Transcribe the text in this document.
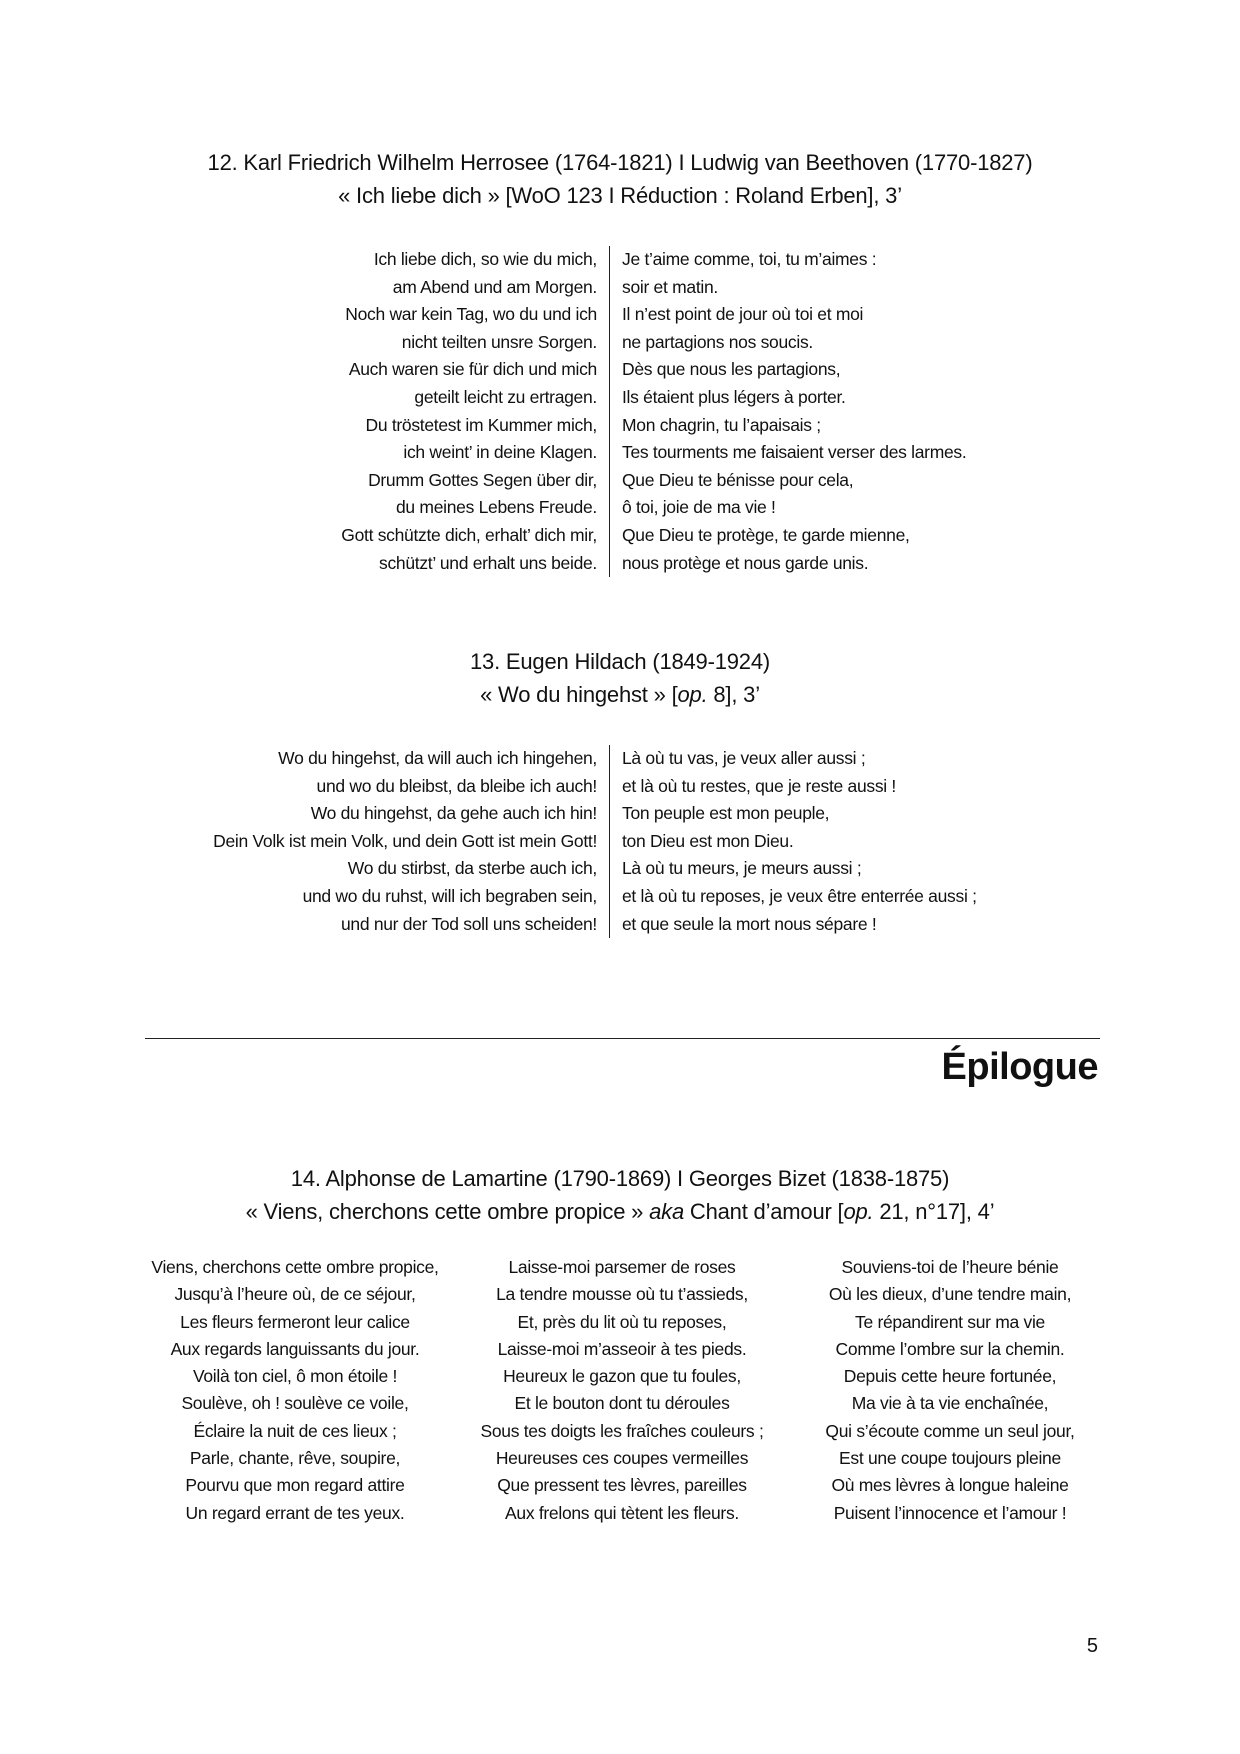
12. Karl Friedrich Wilhelm Herrosee (1764-1821) I Ludwig van Beethoven (1770-1827)
« Ich liebe dich » [WoO 123 I Réduction : Roland Erben], 3’
Ich liebe dich, so wie du mich,
am Abend und am Morgen.
Noch war kein Tag, wo du und ich
nicht teilten unsre Sorgen.
Auch waren sie für dich und mich
geteilt leicht zu ertragen.
Du tröstetest im Kummer mich,
ich weint’ in deine Klagen.
Drumm Gottes Segen über dir,
du meines Lebens Freude.
Gott schützte dich, erhalt’ dich mir,
schützt’ und erhalt uns beide.
Je t’aime comme, toi, tu m’aimes :
soir et matin.
Il n’est point de jour où toi et moi
ne partagions nos soucis.
Dès que nous les partagions,
Ils étaient plus légers à porter.
Mon chagrin, tu l’apaisais ;
Tes tourments me faisaient verser des larmes.
Que Dieu te bénisse pour cela,
ô toi, joie de ma vie !
Que Dieu te protège, te garde mienne,
nous protège et nous garde unis.
13. Eugen Hildach (1849-1924)
« Wo du hingehst » [op. 8], 3’
Wo du hingehst, da will auch ich hingehen,
und wo du bleibst, da bleibe ich auch!
Wo du hingehst, da gehe auch ich hin!
Dein Volk ist mein Volk, und dein Gott ist mein Gott!
Wo du stirbst, da sterbe auch ich,
und wo du ruhst, will ich begraben sein,
und nur der Tod soll uns scheiden!
Là où tu vas, je veux aller aussi ;
et là où tu restes, que je reste aussi !
Ton peuple est mon peuple,
ton Dieu est mon Dieu.
Là où tu meurs, je meurs aussi ;
et là où tu reposes, je veux être enterrée aussi ;
et que seule la mort nous sépare !
Épilogue
14. Alphonse de Lamartine (1790-1869) I Georges Bizet (1838-1875)
« Viens, cherchons cette ombre propice » aka Chant d’amour [op. 21, n°17], 4’
Viens, cherchons cette ombre propice,
Jusqu’à l’heure où, de ce séjour,
Les fleurs fermeront leur calice
Aux regards languissants du jour.
Voilà ton ciel, ô mon étoile !
Soulève, oh ! soulève ce voile,
Éclaire la nuit de ces lieux ;
Parle, chante, rêve, soupire,
Pourvu que mon regard attire
Un regard errant de tes yeux.
Laisse-moi parsemer de roses
La tendre mousse où tu t’assieds,
Et, près du lit où tu reposes,
Laisse-moi m’asseoir à tes pieds.
Heureux le gazon que tu foules,
Et le bouton dont tu déroules
Sous tes doigts les fraîches couleurs ;
Heureuses ces coupes vermeilles
Que pressent tes lèvres, pareilles
Aux frelons qui tètent les fleurs.
Souviens-toi de l’heure bénie
Où les dieux, d’une tendre main,
Te répandirent sur ma vie
Comme l’ombre sur la chemin.
Depuis cette heure fortunée,
Ma vie à ta vie enchaînée,
Qui s’écoute comme un seul jour,
Est une coupe toujours pleine
Où mes lèvres à longue haleine
Puisent l’innocence et l’amour !
5
